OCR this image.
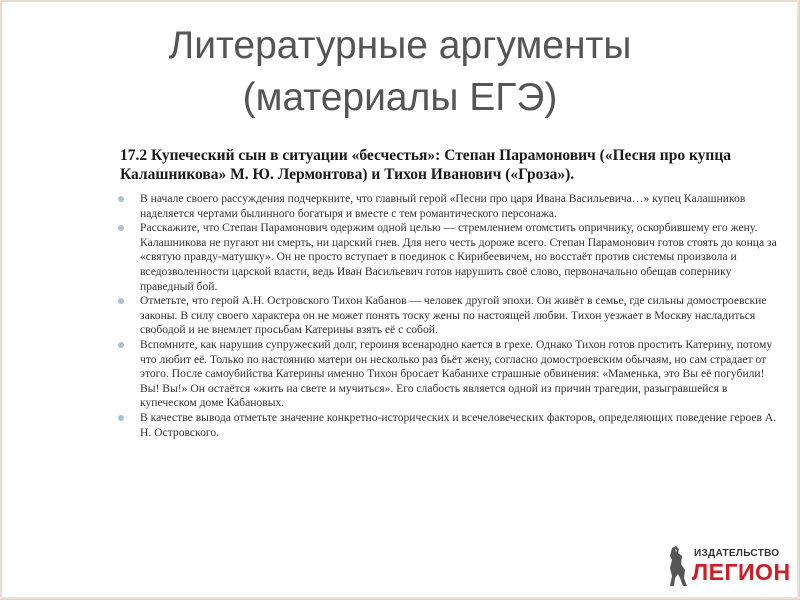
Литературные аргументы
(материалы ЕГЭ)
17.2 Купеческий сын в ситуации «бесчестья»: Степан Парамонович («Песня про купца Калашникова» М. Ю. Лермонтова) и Тихон Иванович («Гроза»).
В начале своего рассуждения подчеркните, что главный герой «Песни про царя Ивана Васильевича…» купец Калашников наделяется чертами былинного богатыря и вместе с тем романтического персонажа.
Расскажите, что Степан Парамонович одержим одной целью — стремлением отомстить опричнику, оскорбившему его жену. Калашникова не пугают ни смерть, ни царский гнев. Для него честь дороже всего. Степан Парамонович готов стоять до конца за «святую правду-матушку». Он не просто вступает в поединок с Кирибеевичем, но восстаёт против системы произвола и вседозволенности царской власти, ведь Иван Васильевич готов нарушить своё слово, первоначально обещав сопернику праведный бой.
Отметьте, что герой А.Н. Островского Тихон Кабанов — человек другой эпохи. Он живёт в семье, где сильны домостроевские законы. В силу своего характера он не может понять тоску жены по настоящей любви. Тихон уезжает в Москву насладиться свободой и не внемлет просьбам Катерины взять её с собой.
Вспомните, как нарушив супружеский долг, героиня всенародно кается в грехе. Однако Тихон готов простить Катерину, потому что любит её. Только по настоянию матери он несколько раз бьёт жену, согласно домостроевским обычаям, но сам страдает от этого. После самоубийства Катерины именно Тихон бросает Кабанихе страшные обвинения: «Маменька, это Вы её погубили! Вы! Вы!» Он остаётся «жить на свете и мучиться». Его слабость является одной из причин трагедии, разыгравшейся в купеческом доме Кабановых.
В качестве вывода отметьте значение конкретно-исторических и всечеловеческих факторов, определяющих поведение героев А. Н. Островского.
ИЗДАТЕЛЬСТВО
ЛЕГИОН
